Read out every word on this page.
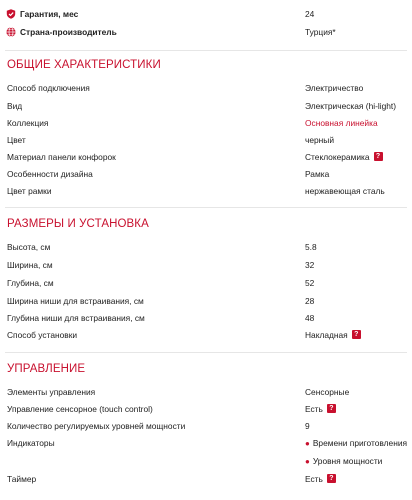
Гарантия, мес	24
Страна-производитель	Турция*
ОБЩИЕ ХАРАКТЕРИСТИКИ
Способ подключения	Электричество
Вид	Электрическая (hi-light)
Коллекция	Основная линейка
Цвет	черный
Материал панели конфорок	Стеклокерамика ?
Особенности дизайна	Рамка
Цвет рамки	нержавеющая сталь
РАЗМЕРЫ И УСТАНОВКА
Высота, см	5.8
Ширина, см	32
Глубина, см	52
Ширина ниши для встраивания, см	28
Глубина ниши для встраивания, см	48
Способ установки	Накладная ?
УПРАВЛЕНИЕ
Элементы управления	Сенсорные
Управление сенсорное (touch control)	Есть ?
Количество регулируемых уровней мощности	9
Индикаторы	● Времени приготовления
● Уровня мощности
Таймер	Есть ?
